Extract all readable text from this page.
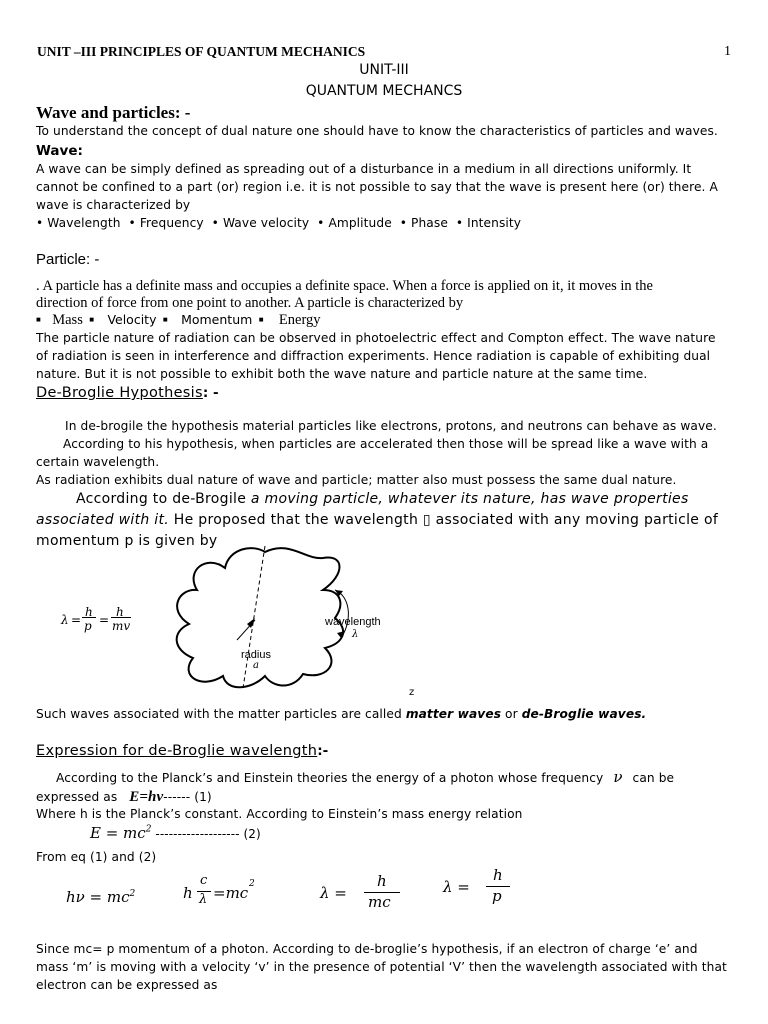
UNIT –III PRINCIPLES OF QUANTUM MECHANICS	1
UNIT-III
QUANTUM MECHANCS
Wave and particles: -
To understand the concept of dual nature one should have to know the characteristics of particles and waves.
Wave:
A wave can be simply defined as spreading out of a disturbance in a medium in all directions uniformly. It
cannot be confined to a part (or) region i.e. it is not possible to say that the wave is present here (or) there. A
wave is characterized by
• Wavelength • Frequency • Wave velocity • Amplitude • Phase • Intensity
Particle: -
. A particle has a definite mass and occupies a definite space. When a force is applied on it, it moves in the
direction of force from one point to another. A particle is characterized by
■ Mass ■ Velocity ■ Momentum ■ Energy
The particle nature of radiation can be observed in photoelectric effect and Compton effect. The wave nature
of radiation is seen in interference and diffraction experiments. Hence radiation is capable of exhibiting dual
nature. But it is not possible to exhibit both the wave nature and particle nature at the same time.
De-Broglie Hypothesis: -
In de-brogile the hypothesis material particles like electrons, protons, and neutrons can behave as wave.
According to his hypothesis, when particles are accelerated then those will be spread like a wave with a
certain wavelength.
As radiation exhibits dual nature of wave and particle; matter also must possess the same dual nature.
According to de-Brogile a moving particle, whatever its nature, has wave properties
associated with it. He proposed that the wavelength ▯ associated with any moving particle of
momentum p is given by
λ =
h
p =
h
mv	wavelength
λ
radius
a
z
Such waves associated with the matter particles are called matter waves or de-Broglie waves.
Expression for de-Broglie wavelength:-
According to the Planck’s and Einstein theories the energy of a photon whose frequency ν can be
expressed as E=hν------ (1)
Where h is the Planck’s constant. According to Einstein’s mass energy relation
$E = mc^2$ ------------------- (2)
From eq (1) and (2)
$h\nu = mc^2$	h
c
λ =mc 2	λ =
h
mc
λ =
h
p
Since mc= p momentum of a photon. According to de-broglie’s hypothesis, if an electron of charge ‘e’ and
mass ‘m’ is moving with a velocity ‘v’ in the presence of potential ‘V’ then the wavelength associated with that
electron can be expressed as
